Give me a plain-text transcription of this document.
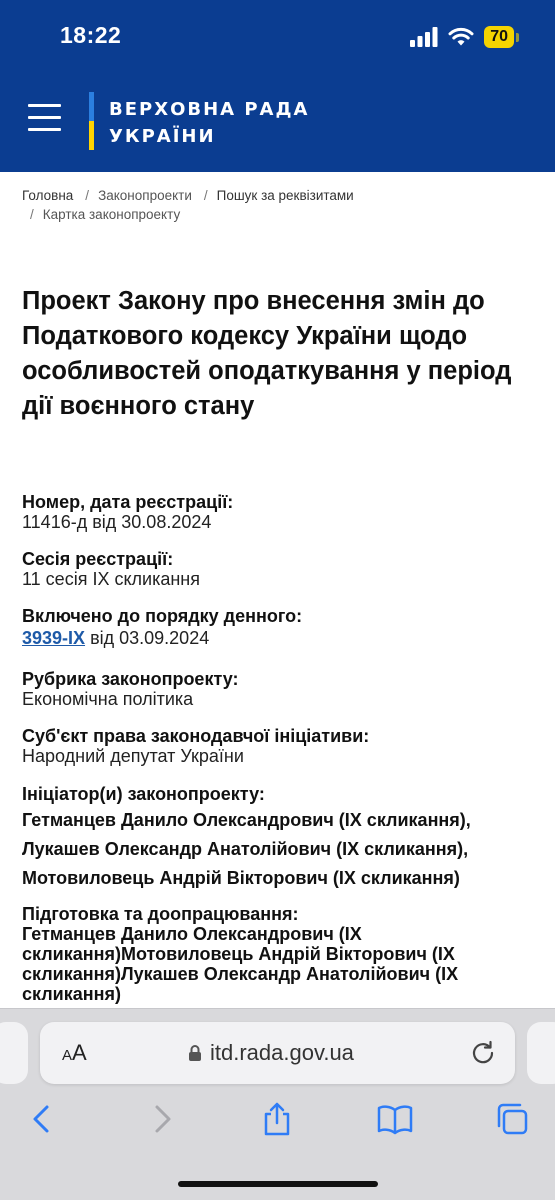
18:22	70
ВЕРХОВНА РАДА
УКРАЇНИ
Головна / Законопроекти / Пошук за реквізитами
/ Картка законопроекту
Проект Закону про внесення змін до Податкового кодексу України щодо особливостей оподаткування у період дії воєнного стану
Номер, дата реєстрації:
11416-д від 30.08.2024
Сесія реєстрації:
11 сесія IX скликання
Включено до порядку денного:
3939-IX від 03.09.2024
Рубрика законопроекту:
Економічна політика
Суб'єкт права законодавчої ініціативи:
Народний депутат України
Ініціатор(и) законопроекту:
Гетманцев Данило Олександрович (IX скликання),
Лукашев Олександр Анатолійович (IX скликання),
Мотовиловець Андрій Вікторович (IX скликання)
Підготовка та доопрацювання:
Гетманцев Данило Олександрович (IX
скликання)Мотовиловець Андрій Вікторович (IX
скликання)Лукашев Олександр Анатолійович (IX
скликання)
AA	itd.rada.gov.ua
